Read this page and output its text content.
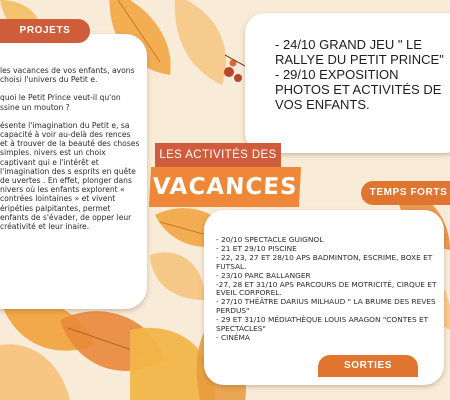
les vacances de vos enfants, avons choisi l'univers du Petit e.

quoi le Petit Prince veut-il qu'on ssine un mouton ?

ésente l'imagination du Petit e, sa capacité à voir au-delà des rences et à trouver de la beauté des choses simples. nivers est un choix captivant qui e l'intérêt et l'imagination des s esprits en quête de uvertes . En effet, plonger dans nivers où les enfants explorent « contrées lointaines » et vivent éripéties palpitantes, permet enfants de s'évader, de opper leur créativité et leur inaire.

PROJETS
- 24/10 GRAND JEU " LE RALLYE DU PETIT PRINCE"
- 29/10 EXPOSITION PHOTOS ET ACTIVITÉS DE VOS ENFANTS.
LES ACTIVITÉS DES
VACANCES	TEMPS FORTS
- 20/10 SPECTACLE GUIGNOL
- 21 ET 29/10 PISCINE
- 22, 23, 27 ET 28/10 APS BADMINTON, ESCRIME, BOXE ET FUTSAL.
- 23/10 PARC BALLANGER
-27, 28 ET 31/10 APS PARCOURS DE MOTRICITÉ, CIRQUE ET EVEIL CORPOREL.
- 27/10 THÉÂTRE DARIUS MILHAUD " LA BRUME DES REVES PERDUS"
- 29 ET 31/10 MÉDIATHÈQUE LOUIS ARAGON "CONTES ET SPECTACLES"
- CINÉMA
SORTIES
